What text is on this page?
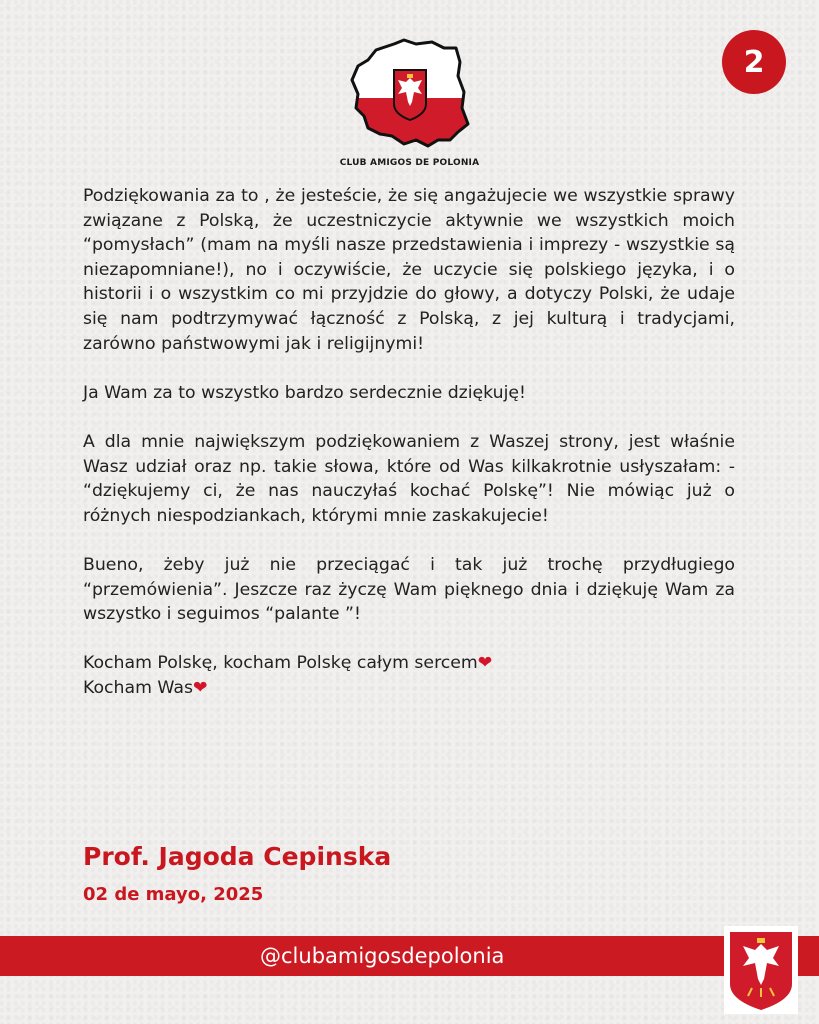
CLUB AMIGOS DE POLONIA
2

Podziękowania za to , że jesteście, że się angażujecie we wszystkie sprawy związane z Polską, że uczestniczycie aktywnie we wszystkich moich “pomysłach” (mam na myśli nasze przedstawienia i imprezy - wszystkie są niezapomniane!), no i oczywiście, że uczycie się polskiego języka, i o historii i o wszystkim co mi przyjdzie do głowy, a dotyczy Polski, że udaje się nam podtrzymywać łączność z Polską, z jej kulturą i tradycjami, zarówno państwowymi jak i religijnymi!

Ja Wam za to wszystko bardzo serdecznie dziękuję!

A dla mnie największym podziękowaniem z Waszej strony, jest właśnie Wasz udział oraz np. takie słowa, które od Was kilkakrotnie usłyszałam: - “dziękujemy ci, że nas nauczyłaś kochać Polskę”! Nie mówiąc już o różnych niespodziankach, którymi mnie zaskakujecie!

Bueno, żeby już nie przeciągać i tak już trochę przydługiego “przemówienia”. Jeszcze raz życzę Wam pięknego dnia i dziękuję Wam za wszystko i seguimos “palante ”!

Kocham Polskę, kocham Polskę całym sercem❤

Kocham Was❤

Prof. Jagoda Cepinska
02 de mayo, 2025
@clubamigosdepolonia
